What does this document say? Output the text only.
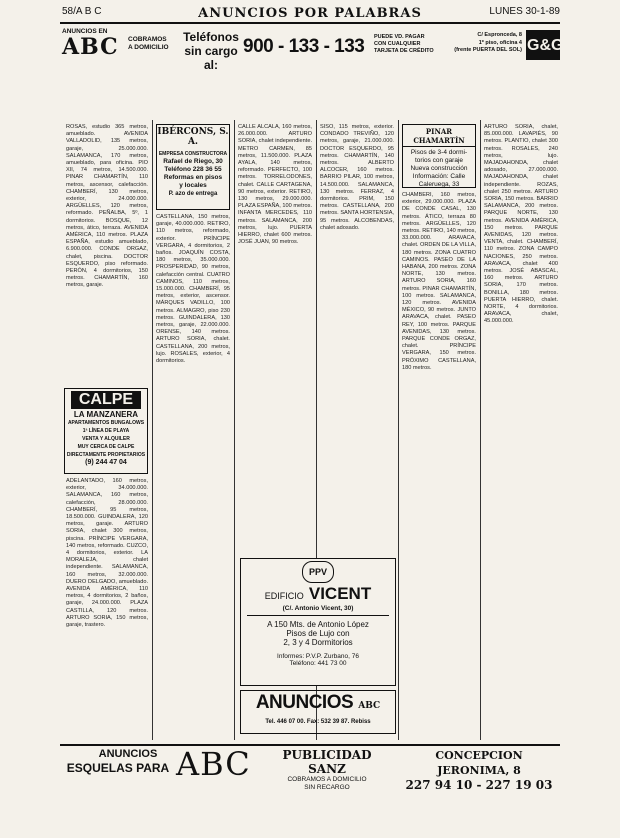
58/A B C	ANUNCIOS POR PALABRAS	LUNES 30-1-89
ANUNCIOS EN
ABC	COBRAMOS
A DOMICILIO
Teléfonos
sin cargo al:
900 - 133 - 133	PUEDE VD. PAGAR
CON CUALQUIER
TARJETA DE CRÉDITO
C/ Espronceda, 8
1º piso, oficina 4
(frente PUERTA DEL SOL) G&G
ROSAS, estudio 365 metros, amueblado. AVENIDA VALLADOLID, 135 metros, garaje, 25.000.000. SALAMANCA, 170 metros, amueblado, para oficina. PIO XII, 74 metros, 14.500.000. PINAR CHAMARTÍN, 110 metros, ascensor, calefacción. CHAMBERÍ, 130 metros, exterior, 24.000.000. ARGÜELLES, 120 metros, reformado. PEÑALBA, 5º, 1 dormitorios. BOSQUE, 12 metros, ático, terraza. AVENIDA AMÉRICA, 110 metros. PLAZA ESPAÑA, estudio amueblado, 6.900.000. CONDE ORGAZ, chalet, piscina. DOCTOR ESQUERDO, piso reformado. PERÓN, 4 dormitorios, 150 metros. CHAMARTÍN, 160 metros, garaje.
CALPE
LA MANZANERA
APARTAMENTOS BUNGALOWS
1ª LÍNEA DE PLAYA
VENTA Y ALQUILER
MUY CERCA DE CALPE
DIRECTAMENTE PROPIETARIOS
(9) 244 47 04
ADELANTADO, 160 metros, exterior, 34.000.000. SALAMANCA, 160 metros, calefacción, 28.000.000. CHAMBERÍ, 95 metros, 18.500.000. GUINDALERA, 120 metros, garaje. ARTURO SORIA, chalet 300 metros, piscina. PRÍNCIPE VERGARA, 140 metros, reformado. CUZCO, 4 dormitorios, exterior. LA MORALEJA, chalet independiente. SALAMANCA, 160 metros, 32.000.000. DUERO DELGADO, amueblado. AVENIDA AMÉRICA, 110 metros, 4 dormitorios, 2 baños, garaje, 24.000.000. PLAZA CASTILLA, 120 metros. ARTURO SORIA, 150 metros, garaje, trastero.
IBÉRCONS, S. A.
EMPRESA CONSTRUCTORA
Rafael de Riego, 30
Teléfono 228 36 55
Reformas en pisos
y locales
P. azo de entrega
CASTELLANA, 150 metros, garaje, 40.000.000. RETIRO, 110 metros, reformado, exterior. PRÍNCIPE VERGARA, 4 dormitorios, 2 baños. JOAQUÍN COSTA, 180 metros, 35.000.000. PROSPERIDAD, 90 metros, calefacción central. CUATRO CAMINOS, 110 metros, 15.000.000. CHAMBERÍ, 95 metros, exterior, ascensor. MÁRQUES VADILLO, 100 metros. ALMAGRO, piso 230 metros. GUINDALERA, 130 metros, garaje, 22.000.000. ORENSE, 140 metros. ARTURO SORIA, chalet. CASTELLANA, 200 metros, lujo. ROSALES, exterior, 4 dormitorios.
CALLE ALCALÁ, 160 metros, 26.000.000. ARTURO SORIA, chalet independiente. METRO CARMEN, 85 metros, 11.500.000. PLAZA AYALA, 140 metros, reformado. PERFECTO, 100 metros. TORRELODONES, chalet. CALLE CARTAGENA, 90 metros, exterior. RETIRO, 130 metros, 29.000.000. PLAZA ESPAÑA, 100 metros. INFANTA MERCEDES, 110 metros. SALAMANCA, 200 metros, lujo. PUERTA HIERRO, chalet 600 metros. JOSÉ JUAN, 90 metros.
SISO, 115 metros, exterior. CONDADO TREVIÑO, 120 metros, garaje, 21.000.000. DOCTOR ESQUERDO, 95 metros. CHAMARTÍN, 140 metros. ALBERTO ALCOCER, 160 metros. BARRIO PILAR, 100 metros, 14.500.000. SALAMANCA, 130 metros. FERRAZ, 4 dormitorios. PRIM, 150 metros. CASTELLANA, 200 metros. SANTA HORTENSIA, 95 metros. ALCOBENDAS, chalet adosado.
PINAR CHAMARTÍN
Pisos de 3-4 dormi-
torios con garaje
Nueva construcción
Información: Calle
Caleruega, 33
CHAMBERÍ, 160 metros, exterior, 29.000.000. PLAZA DE CONDE CASAL, 130 metros. ÁTICO, terraza 80 metros. ARGÜELLES, 120 metros. RETIRO, 140 metros, 33.000.000. ARAVACA, chalet. ORDEN DE LA VILLA, 180 metros. ZONA CUATRO CAMINOS. PASEO DE LA HABANA, 200 metros. ZONA NORTE, 130 metros. ARTURO SORIA, 160 metros. PINAR CHAMARTÍN, 100 metros. SALAMANCA, 120 metros. AVENIDA MÉXICO, 90 metros. JUNTO ARAVACA, chalet. PASEO REY, 100 metros. PARQUE AVENIDAS, 130 metros. PARQUE CONDE ORGAZ, chalet. PRÍNCIPE VERGARA, 150 metros. PRÓXIMO CASTELLANA, 180 metros.
ARTURO SORIA, chalet, 85.000.000. LAVAPIÉS, 90 metros. PLANTIO, chalet 300 metros. ROSALES, 240 metros, lujo. MAJADAHONDA, chalet adosado, 27.000.000. MAJADAHONDA, chalet independiente. ROZAS, chalet 250 metros. ARTURO SORIA, 150 metros. BARRIO SALAMANCA, 200 metros. PARQUE NORTE, 130 metros. AVENIDA AMÉRICA, 150 metros. PARQUE AVENIDAS, 120 metros. VENTA, chalet. CHAMBERÍ, 110 metros. ZONA CAMPO NACIONES, 250 metros. ARAVACA, chalet 400 metros. JOSÉ ABASCAL, 160 metros. ARTURO SORIA, 170 metros. BONILLA, 180 metros. PUERTA HIERRO, chalet. NORTE, 4 dormitorios. ARAVACA, chalet, 45.000.000.
PPV
EDIFICIO VICENT
(C/. Antonio Vicent, 30)
A 150 Mts. de Antonio López
Pisos de Lujo con
2, 3 y 4 Dormitorios
Informes: P.V.P. Zurbano, 76
Teléfono: 441 73 00
ANUNCIOS ABC
Tel. 446 07 00. Fax: 532 39 87. Rebiss
ANUNCIOS
ESQUELAS PARA ABC	PUBLICIDAD SANZ
COBRAMOS A DOMICILIO
SIN RECARGO
CONCEPCION JERONIMA, 8
227 94 10 - 227 19 03
